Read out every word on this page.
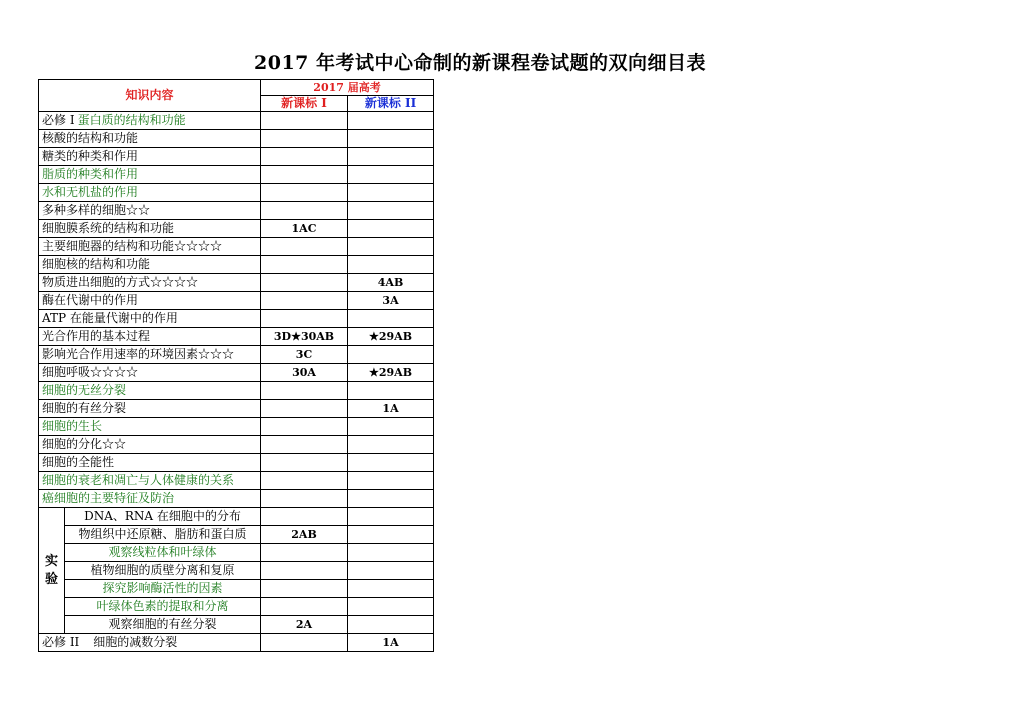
2017 年考试中心命制的新课程卷试题的双向细目表
知识内容		2017 届高考	
		新课标 I	新课标 II
必修 Ⅰ 蛋白质的结构和功能			
核酸的结构和功能			
糖类的种类和作用			
脂质的种类和作用			
水和无机盐的作用			
多种多样的细胞☆☆			
细胞膜系统的结构和功能		1AC	
主要细胞器的结构和功能☆☆☆☆			
细胞核的结构和功能			
物质进出细胞的方式☆☆☆☆			4AB
酶在代谢中的作用			3A
ATP 在能量代谢中的作用			
光合作用的基本过程		3D★30AB	★29AB
影响光合作用速率的环境因素☆☆☆		3C	
细胞呼吸☆☆☆☆		30A	★29AB
细胞的无丝分裂			
细胞的有丝分裂			1A
细胞的生长			
细胞的分化☆☆			
细胞的全能性			
细胞的衰老和凋亡与人体健康的关系			
癌细胞的主要特征及防治			
实验	DNA、RNA 在细胞中的分布		
	物组织中还原糖、脂肪和蛋白质	2AB	
	观察线粒体和叶绿体		
	植物细胞的质壁分离和复原		
	探究影响酶活性的因素		
	叶绿体色素的提取和分离		
	观察细胞的有丝分裂	2A	
必修 II 细胞的减数分裂			1A
